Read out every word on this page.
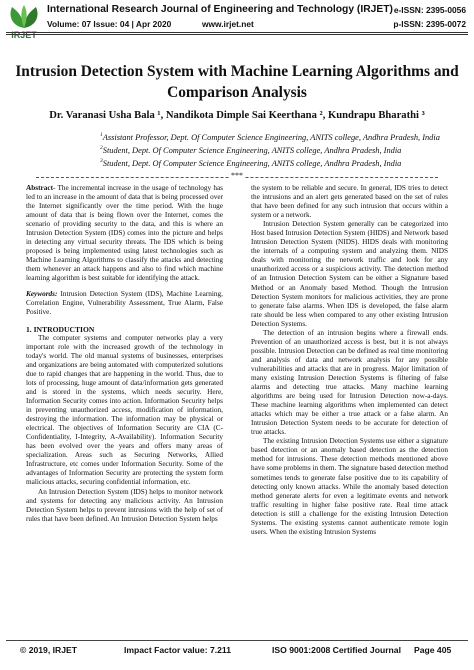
IRJET
International Research Journal of Engineering and Technology (IRJET)
Volume: 07 Issue: 04 | Apr 2020	www.irjet.net
e-ISSN: 2395-0056
p-ISSN: 2395-0072
Intrusion Detection System with Machine Learning Algorithms and
Comparison Analysis
Dr. Varanasi Usha Bala ¹, Nandikota Dimple Sai Keerthana ², Kundrapu Bharathi ³
$^1$Assistant Professor, Dept. Of Computer Science Engineering, ANITS college, Andhra Pradesh, India
$^2$Student, Dept. Of Computer Science Engineering, ANITS college, Andhra Pradesh, India
$^3$Student, Dept. Of Computer Science Engineering, ANITS college, Andhra Pradesh, India
***

Abstract- The incremental increase in the usage of technology has led to an increase in the amount of data that is being processed over the Internet significantly over the time period. With the huge amount of data that is being flown over the Internet, comes the scenario of providing security to the data, and this is where an Intrusion Detection System (IDS) comes into the picture and helps in detecting any virtual security threats. The IDS which is being proposed is being implemented using latest technologies such as Machine Learning Algorithms to classify the attacks and detecting them whenever an attack happens and also to find which machine learning algorithm is best suitable for identifying the attack.

Keywords: Intrusion Detection System (IDS), Machine Learning, Correlation Engine, Vulnerability Assessment, True Alarm, False Positive.

1. INTRODUCTION

The computer systems and computer networks play a very important role with the increased growth of the technology in today's world. The old manual systems of businesses, enterprises and organizations are being automated with computerized solutions due to rapid changes that are happening in the world. Thus, due to lots of processing, huge amount of data/information gets generated and is stored in the systems, which needs security. Here, Information Security comes into action. Information Security helps in preventing unauthorized access, modification of information, destroying the information. The information may be physical or electrical. The objectives of Information Security are CIA (C-Confidentiality, I-Integrity, A-Availability). Information Security has been evolved over the years and offers many areas of specialization. Areas such as Securing Networks, Allied Infrastructure, etc comes under Information Security. Some of the advantages of Information Security are protecting the system form malicious attacks, securing confidential information, etc.

An Intrusion Detection System (IDS) helps to monitor network and systems for detecting any malicious activity. An Intrusion Detection System helps to prevent intrusions with the help of set of rules that have been defined. An Intrusion Detection System helps

the system to be reliable and secure. In general, IDS tries to detect the intrusions and an alert gets generated based on the set of rules that have been defined for any such intrusion that occurs within a system or a network.

Intrusion Detection System generally can be categorized into Host based Intrusion Detection System (HIDS) and Network based Intrusion Detection System (NIDS). HIDS deals with monitoring the internals of a computing system and analyzing them. NIDS deals with monitoring the network traffic and look for any unauthorized access or a suspicious activity. The detection method of an Intrusion Detection System can be either a Signature based Method or an Anomaly based Method. Though the Intrusion Detection System monitors for malicious activities, they are prone to generate false alarms. When IDS is developed, the false alarm rate should be less when compared to any other existing Intrusion Detection Systems.

The detection of an intrusion begins where a firewall ends. Prevention of an unauthorized access is best, but it is not always possible. Intrusion Detection can be defined as real time monitoring and analysis of data and network analysis for any possible vulnerabilities and attacks that are in progress. Major limitation of many existing Intrusion Detection Systems is filtering of false alarms and detecting true attacks. Many machine learning algorithms are being used for Intrusion Detection now-a-days. These machine learning algorithms when implemented can detect attacks which may be either a true attack or a false alarm. An Intrusion Detection System needs to be accurate for detection of true attacks.

The existing Intrusion Detection Systems use either a signature based detection or an anomaly based detection as the detection method for intrusions. These detection methods mentioned above have some problems in them. The signature based detection method sometimes tends to generate false positive due to its capability of detecting only known attacks. While the anomaly based detection method generate alerts for even a legitimate events and network traffic resulting in higher false positive rate. Real time attack detection is still a challenge for the existing Intrusion Detection Systems. The existing systems cannot authenticate remote login users. When the existing Intrusion Systems

© 2019, IRJET	Impact Factor value: 7.211	ISO 9001:2008 Certified Journal Page 405
